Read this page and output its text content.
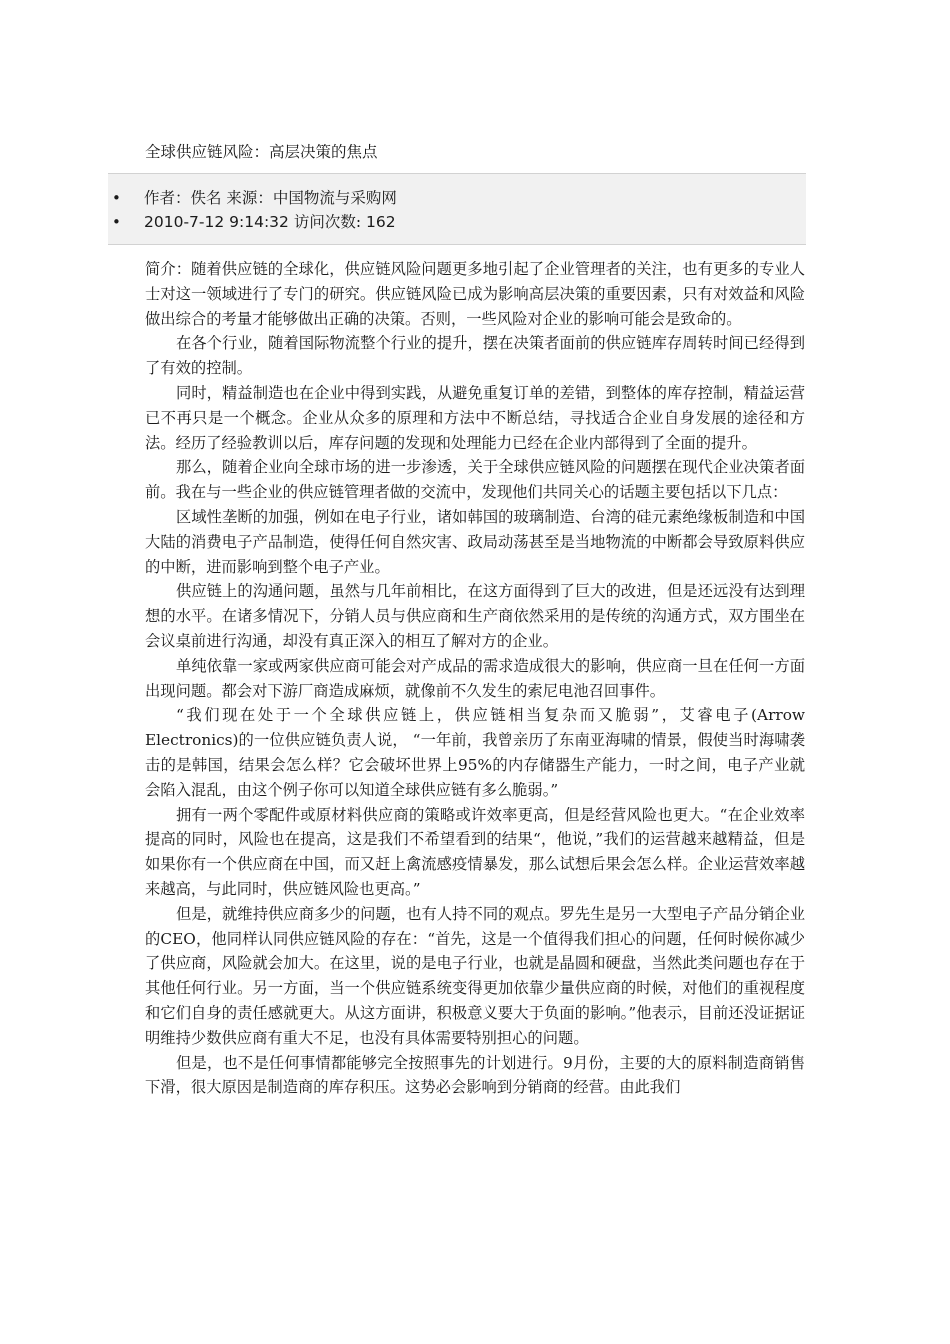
全球供应链风险：高层决策的焦点
• 作者：佚名 来源：中国物流与采购网
• 2010-7-12 9:14:32 访问次数: 162

简介：随着供应链的全球化，供应链风险问题更多地引起了企业管理者的关注，也有更多的专业人士对这一领域进行了专门的研究。供应链风险已成为影响高层决策的重要因素，只有对效益和风险做出综合的考量才能够做出正确的决策。否则，一些风险对企业的影响可能会是致命的。

在各个行业，随着国际物流整个行业的提升，摆在决策者面前的供应链库存周转时间已经得到了有效的控制。

同时，精益制造也在企业中得到实践，从避免重复订单的差错，到整体的库存控制，精益运营已不再只是一个概念。企业从众多的原理和方法中不断总结，寻找适合企业自身发展的途径和方法。经历了经验教训以后，库存问题的发现和处理能力已经在企业内部得到了全面的提升。

那么，随着企业向全球市场的进一步渗透，关于全球供应链风险的问题摆在现代企业决策者面前。我在与一些企业的供应链管理者做的交流中，发现他们共同关心的话题主要包括以下几点：

区域性垄断的加强，例如在电子行业，诸如韩国的玻璃制造、台湾的硅元素绝缘板制造和中国大陆的消费电子产品制造，使得任何自然灾害、政局动荡甚至是当地物流的中断都会导致原料供应的中断，进而影响到整个电子产业。

供应链上的沟通问题，虽然与几年前相比，在这方面得到了巨大的改进，但是还远没有达到理想的水平。在诸多情况下，分销人员与供应商和生产商依然采用的是传统的沟通方式，双方围坐在会议桌前进行沟通，却没有真正深入的相互了解对方的企业。

单纯依靠一家或两家供应商可能会对产成品的需求造成很大的影响，供应商一旦在任何一方面出现问题。都会对下游厂商造成麻烦，就像前不久发生的索尼电池召回事件。

“我们现在处于一个全球供应链上，供应链相当复杂而又脆弱”，艾睿电子(Arrow Electronics)的一位供应链负责人说， “一年前，我曾亲历了东南亚海啸的情景，假使当时海啸袭击的是韩国，结果会怎么样？它会破坏世界上95%的内存储器生产能力，一时之间，电子产业就会陷入混乱，由这个例子你可以知道全球供应链有多么脆弱。”

拥有一两个零配件或原材料供应商的策略或许效率更高，但是经营风险也更大。“在企业效率提高的同时，风险也在提高，这是我们不希望看到的结果“，他说，”我们的运营越来越精益，但是如果你有一个供应商在中国，而又赶上禽流感疫情暴发，那么试想后果会怎么样。企业运营效率越来越高，与此同时，供应链风险也更高。”

但是，就维持供应商多少的问题，也有人持不同的观点。罗先生是另一大型电子产品分销企业的CEO，他同样认同供应链风险的存在：“首先，这是一个值得我们担心的问题，任何时候你减少了供应商，风险就会加大。在这里，说的是电子行业，也就是晶圆和硬盘，当然此类问题也存在于其他任何行业。另一方面，当一个供应链系统变得更加依靠少量供应商的时候，对他们的重视程度和它们自身的责任感就更大。从这方面讲，积极意义要大于负面的影响。”他表示，目前还没证据证明维持少数供应商有重大不足，也没有具体需要特别担心的问题。

但是，也不是任何事情都能够完全按照事先的计划进行。9月份，主要的大的原料制造商销售下滑，很大原因是制造商的库存积压。这势必会影响到分销商的经营。由此我们
